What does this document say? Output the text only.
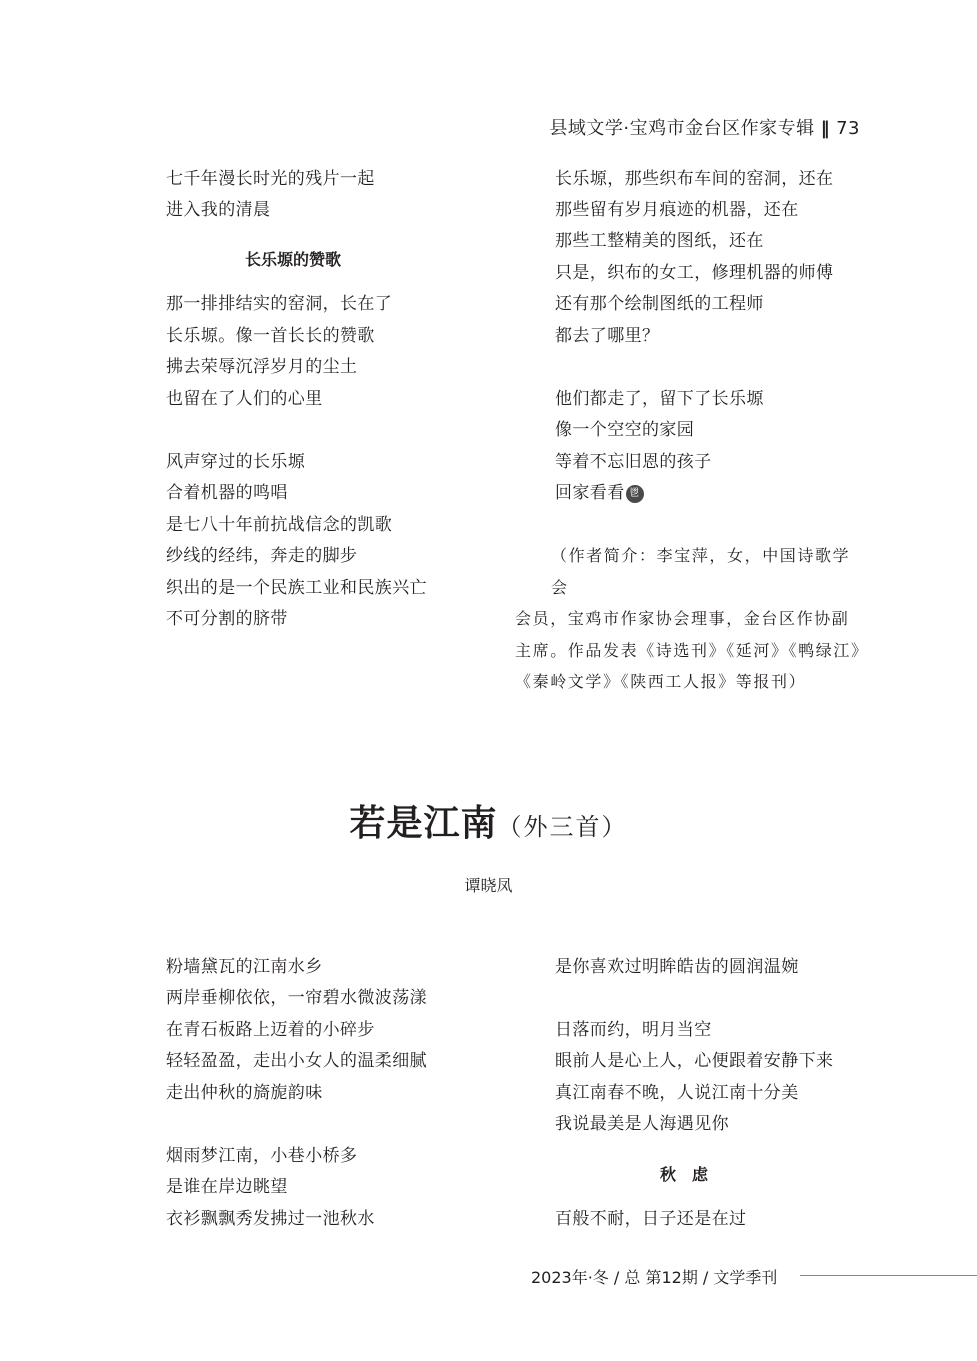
县域文学·宝鸡市金台区作家专辑 ‖ 73
七千年漫长时光的残片一起
进入我的清晨
长乐塬的赞歌
那一排排结实的窑洞，长在了
长乐塬。像一首长长的赞歌
拂去荣辱沉浮岁月的尘土
也留在了人们的心里
风声穿过的长乐塬
合着机器的鸣唱
是七八十年前抗战信念的凯歌
纱线的经纬，奔走的脚步
织出的是一个民族工业和民族兴亡
不可分割的脐带
长乐塬，那些织布车间的窑洞，还在
那些留有岁月痕迹的机器，还在
那些工整精美的图纸，还在
只是，织布的女工，修理机器的师傅
还有那个绘制图纸的工程师
都去了哪里？
他们都走了，留下了长乐塬
像一个空空的家园
等着不忘旧恩的孩子
回家看看 鬯
（作者简介：李宝萍，女，中国诗歌学会
会员，宝鸡市作家协会理事，金台区作协副
主席。作品发表《诗选刊》《延河》《鸭绿江》
《秦岭文学》《陕西工人报》等报刊）
若是江南（外三首）
谭晓凤
粉墙黛瓦的江南水乡
两岸垂柳依依，一帘碧水微波荡漾
在青石板路上迈着的小碎步
轻轻盈盈，走出小女人的温柔细腻
走出仲秋的旖旎韵味
烟雨梦江南，小巷小桥多
是谁在岸边眺望
衣衫飘飘秀发拂过一池秋水
是你喜欢过明眸皓齿的圆润温婉
日落而约，明月当空
眼前人是心上人，心便跟着安静下来
真江南春不晚，人说江南十分美
我说最美是人海遇见你
秋　虑
百般不耐，日子还是在过
2023年·冬 / 总 第12期 / 文学季刊
